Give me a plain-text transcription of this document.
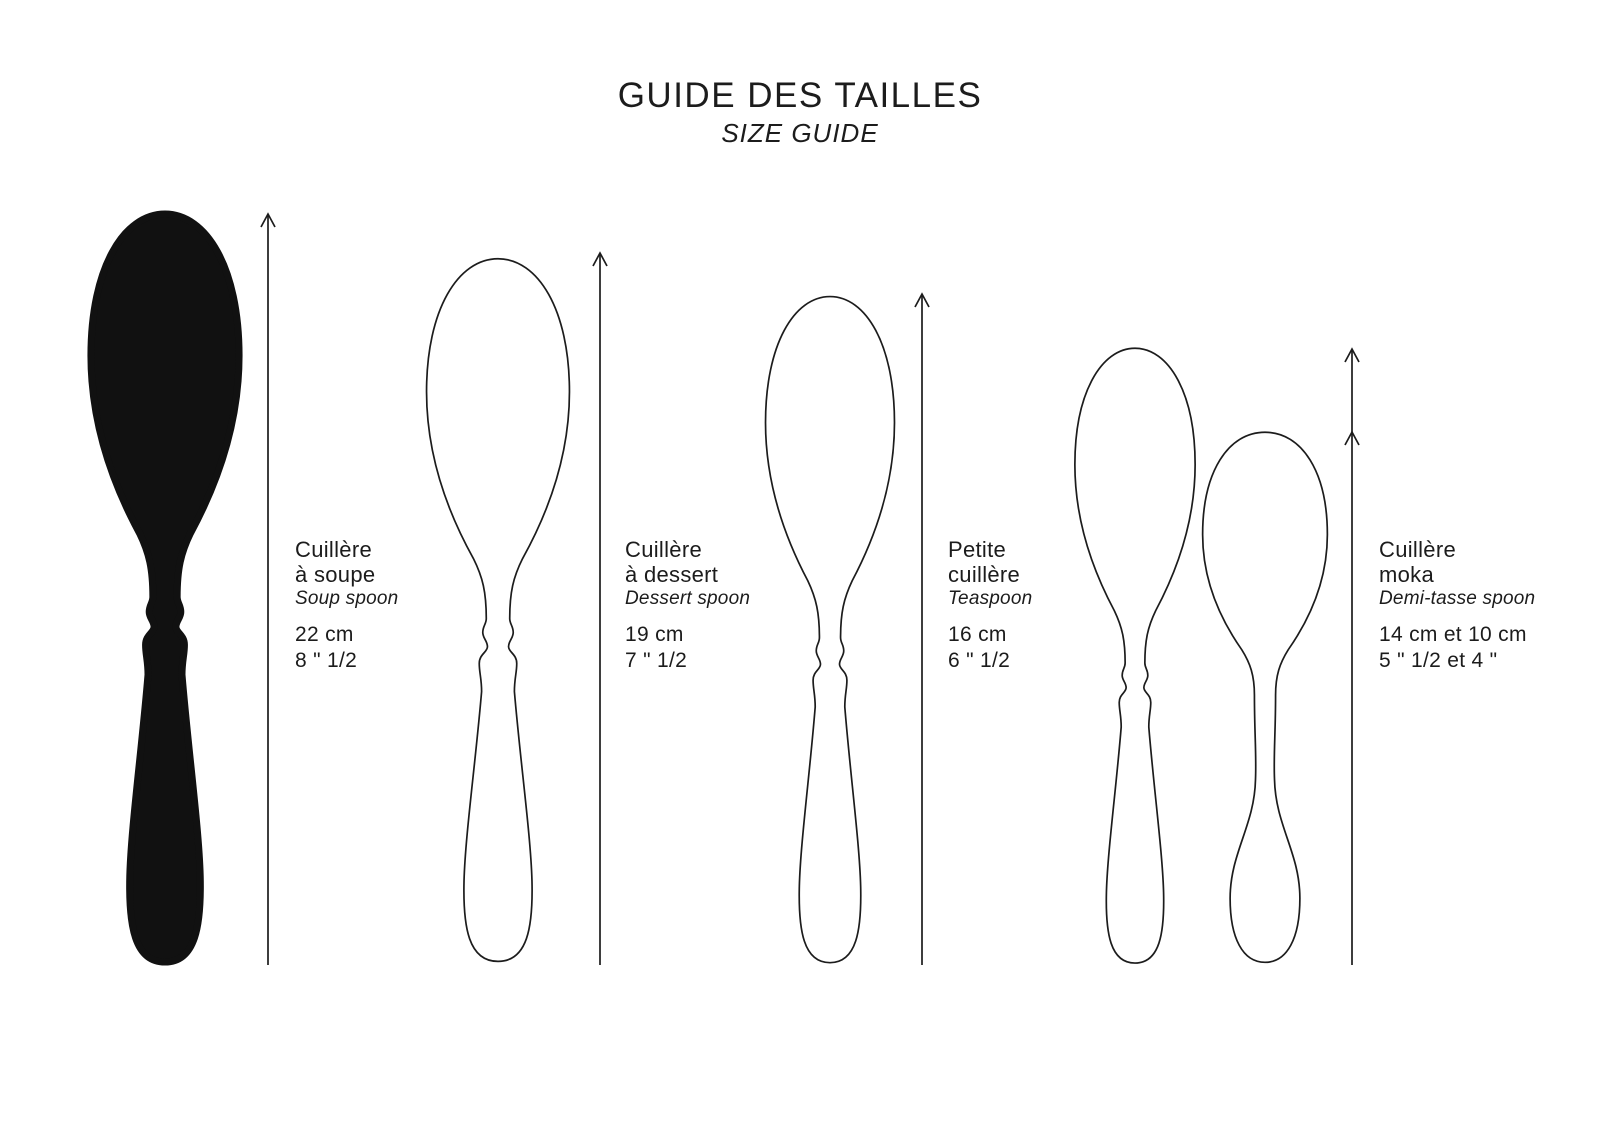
GUIDE DES TAILLES
SIZE GUIDE
Cuillère
à soupe
Soup spoon
22 cm
8 " 1/2
Cuillère
à dessert
Dessert spoon
19 cm
7 " 1/2
Petite
cuillère
Teaspoon
16 cm
6 " 1/2
Cuillère
moka
Demi-tasse spoon
14 cm et 10 cm
5 " 1/2 et 4 "
